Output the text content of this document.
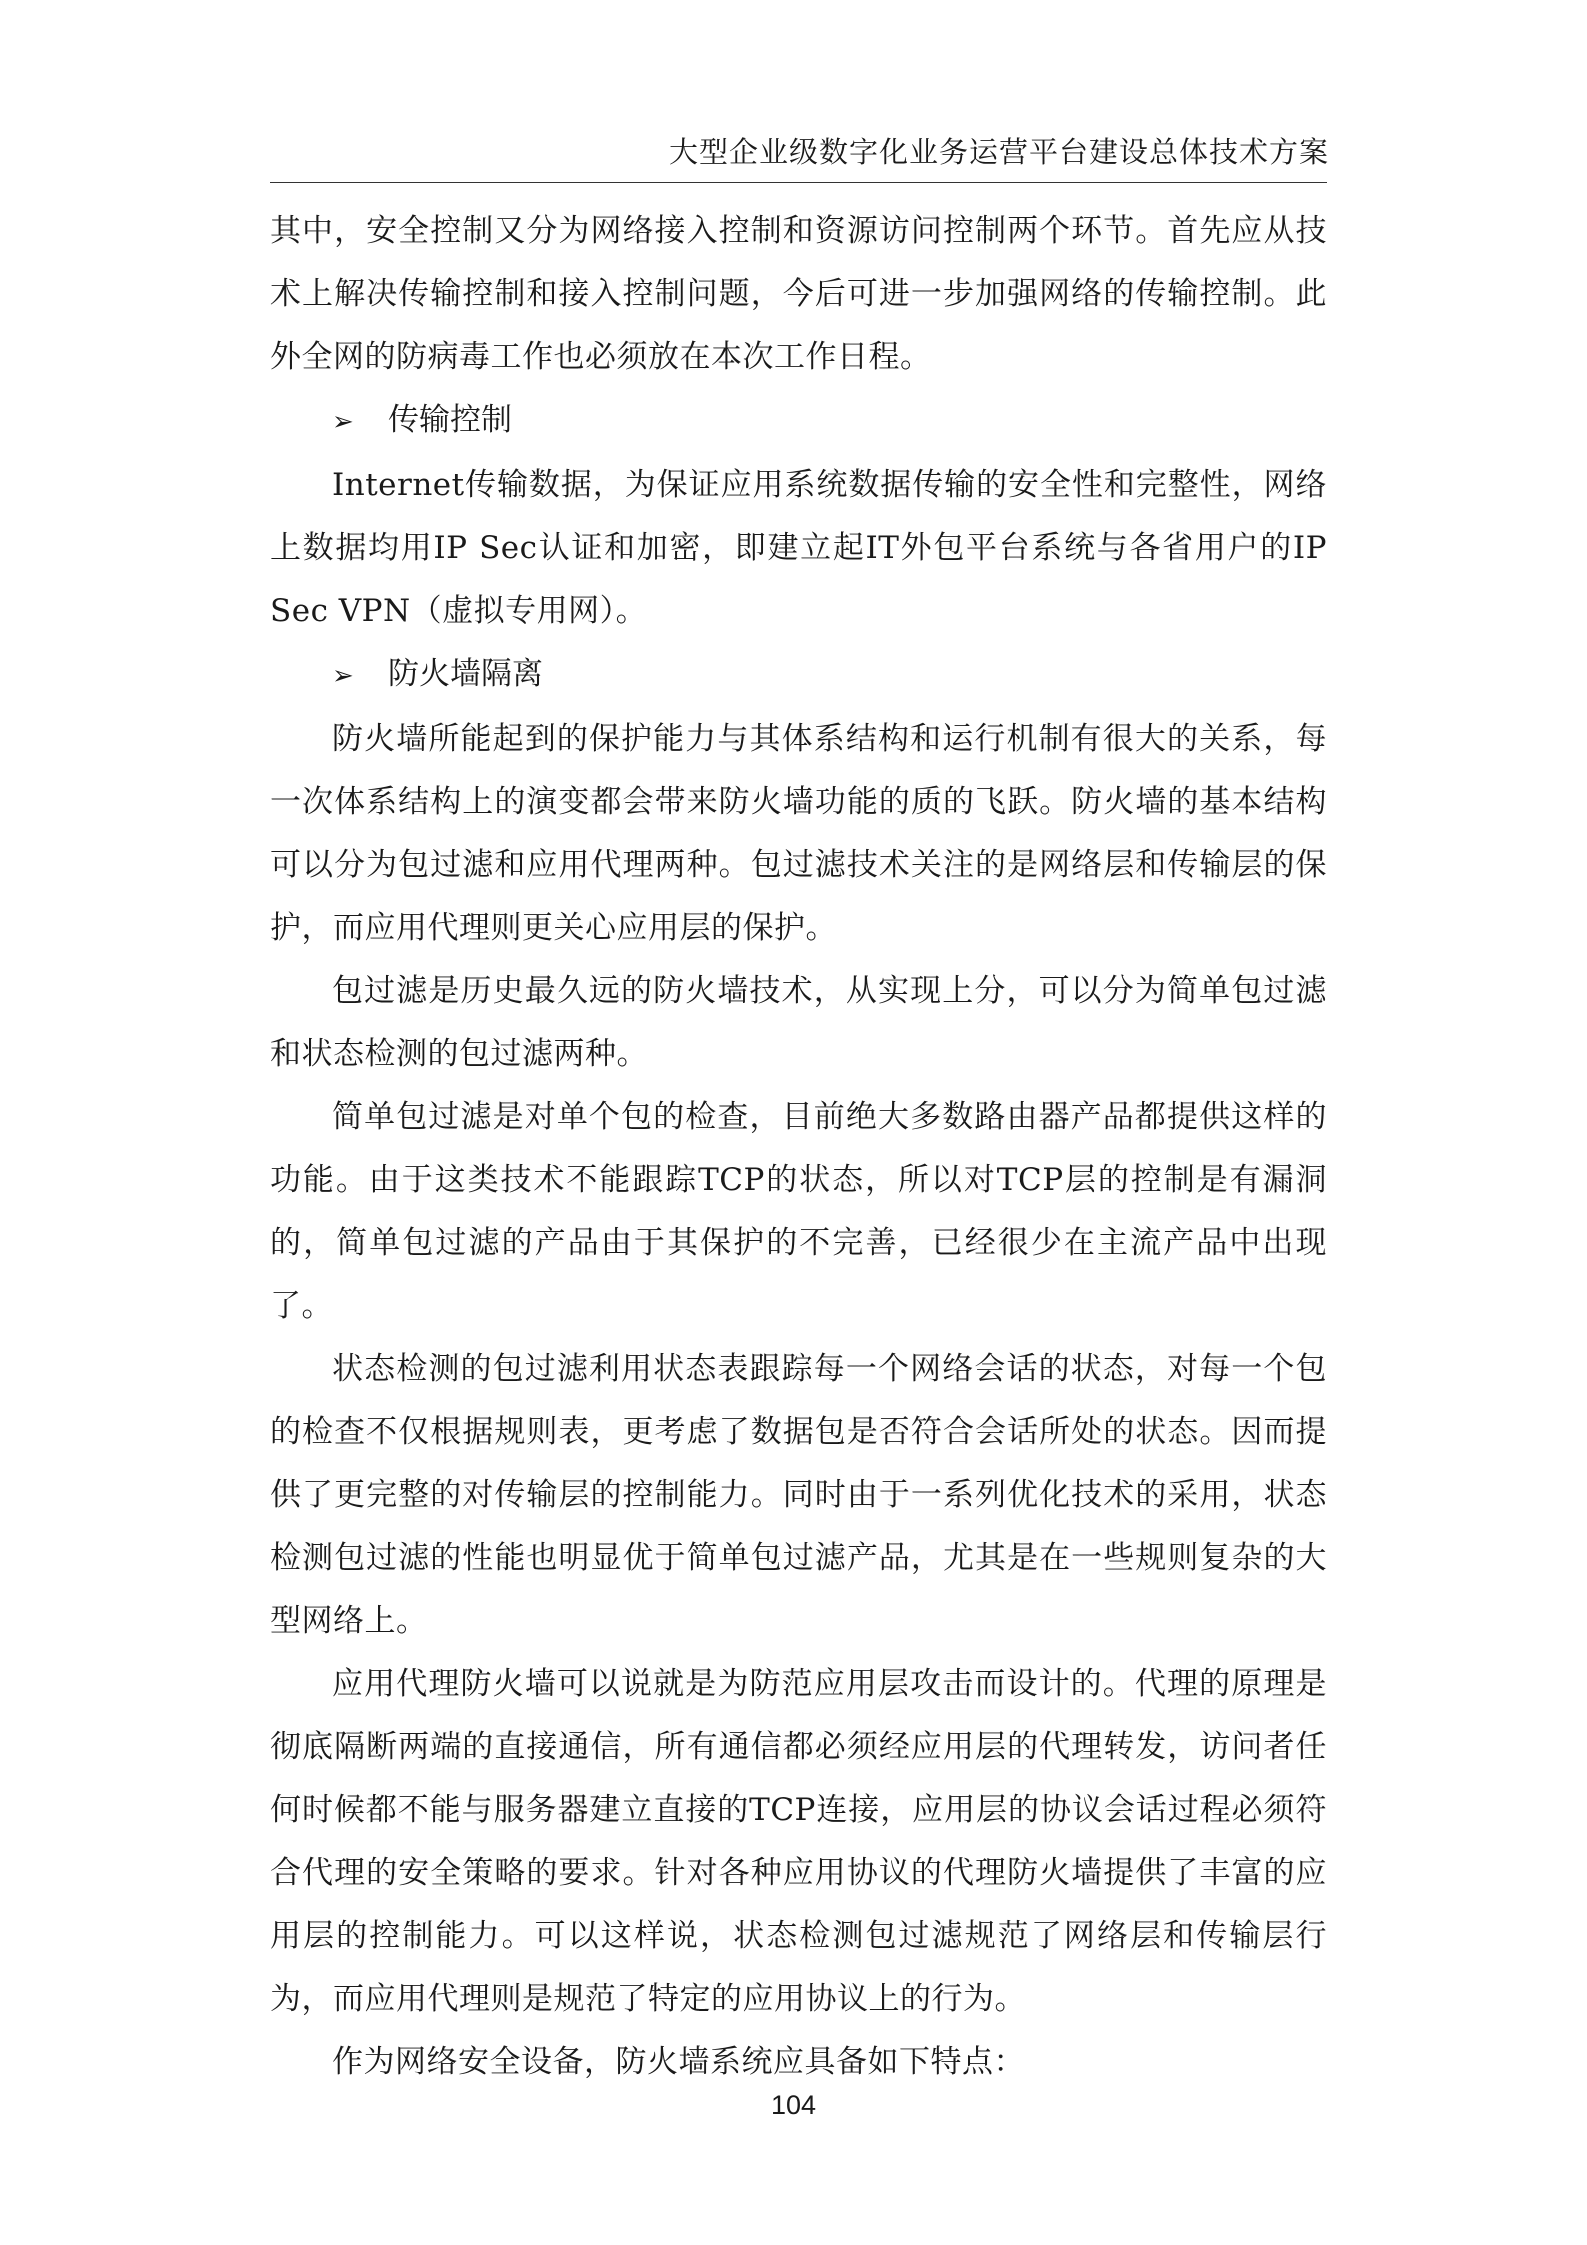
大型企业级数字化业务运营平台建设总体技术方案

其中，安全控制又分为网络接入控制和资源访问控制两个环节。首先应从技术上解决传输控制和接入控制问题，今后可进一步加强网络的传输控制。此外全网的防病毒工作也必须放在本次工作日程。

➢ 传输控制

Internet传输数据，为保证应用系统数据传输的安全性和完整性，网络上数据均用IP Sec认证和加密，即建立起IT外包平台系统与各省用户的IP Sec VPN（虚拟专用网）。

➢ 防火墙隔离

防火墙所能起到的保护能力与其体系结构和运行机制有很大的关系，每一次体系结构上的演变都会带来防火墙功能的质的飞跃。防火墙的基本结构可以分为包过滤和应用代理两种。包过滤技术关注的是网络层和传输层的保护，而应用代理则更关心应用层的保护。

包过滤是历史最久远的防火墙技术，从实现上分，可以分为简单包过滤和状态检测的包过滤两种。

简单包过滤是对单个包的检查，目前绝大多数路由器产品都提供这样的功能。由于这类技术不能跟踪TCP的状态，所以对TCP层的控制是有漏洞的，简单包过滤的产品由于其保护的不完善，已经很少在主流产品中出现了。

状态检测的包过滤利用状态表跟踪每一个网络会话的状态，对每一个包的检查不仅根据规则表，更考虑了数据包是否符合会话所处的状态。因而提供了更完整的对传输层的控制能力。同时由于一系列优化技术的采用，状态检测包过滤的性能也明显优于简单包过滤产品，尤其是在一些规则复杂的大型网络上。

应用代理防火墙可以说就是为防范应用层攻击而设计的。代理的原理是彻底隔断两端的直接通信，所有通信都必须经应用层的代理转发，访问者任何时候都不能与服务器建立直接的TCP连接，应用层的协议会话过程必须符合代理的安全策略的要求。针对各种应用协议的代理防火墙提供了丰富的应用层的控制能力。可以这样说，状态检测包过滤规范了网络层和传输层行为，而应用代理则是规范了特定的应用协议上的行为。

作为网络安全设备，防火墙系统应具备如下特点：

104
